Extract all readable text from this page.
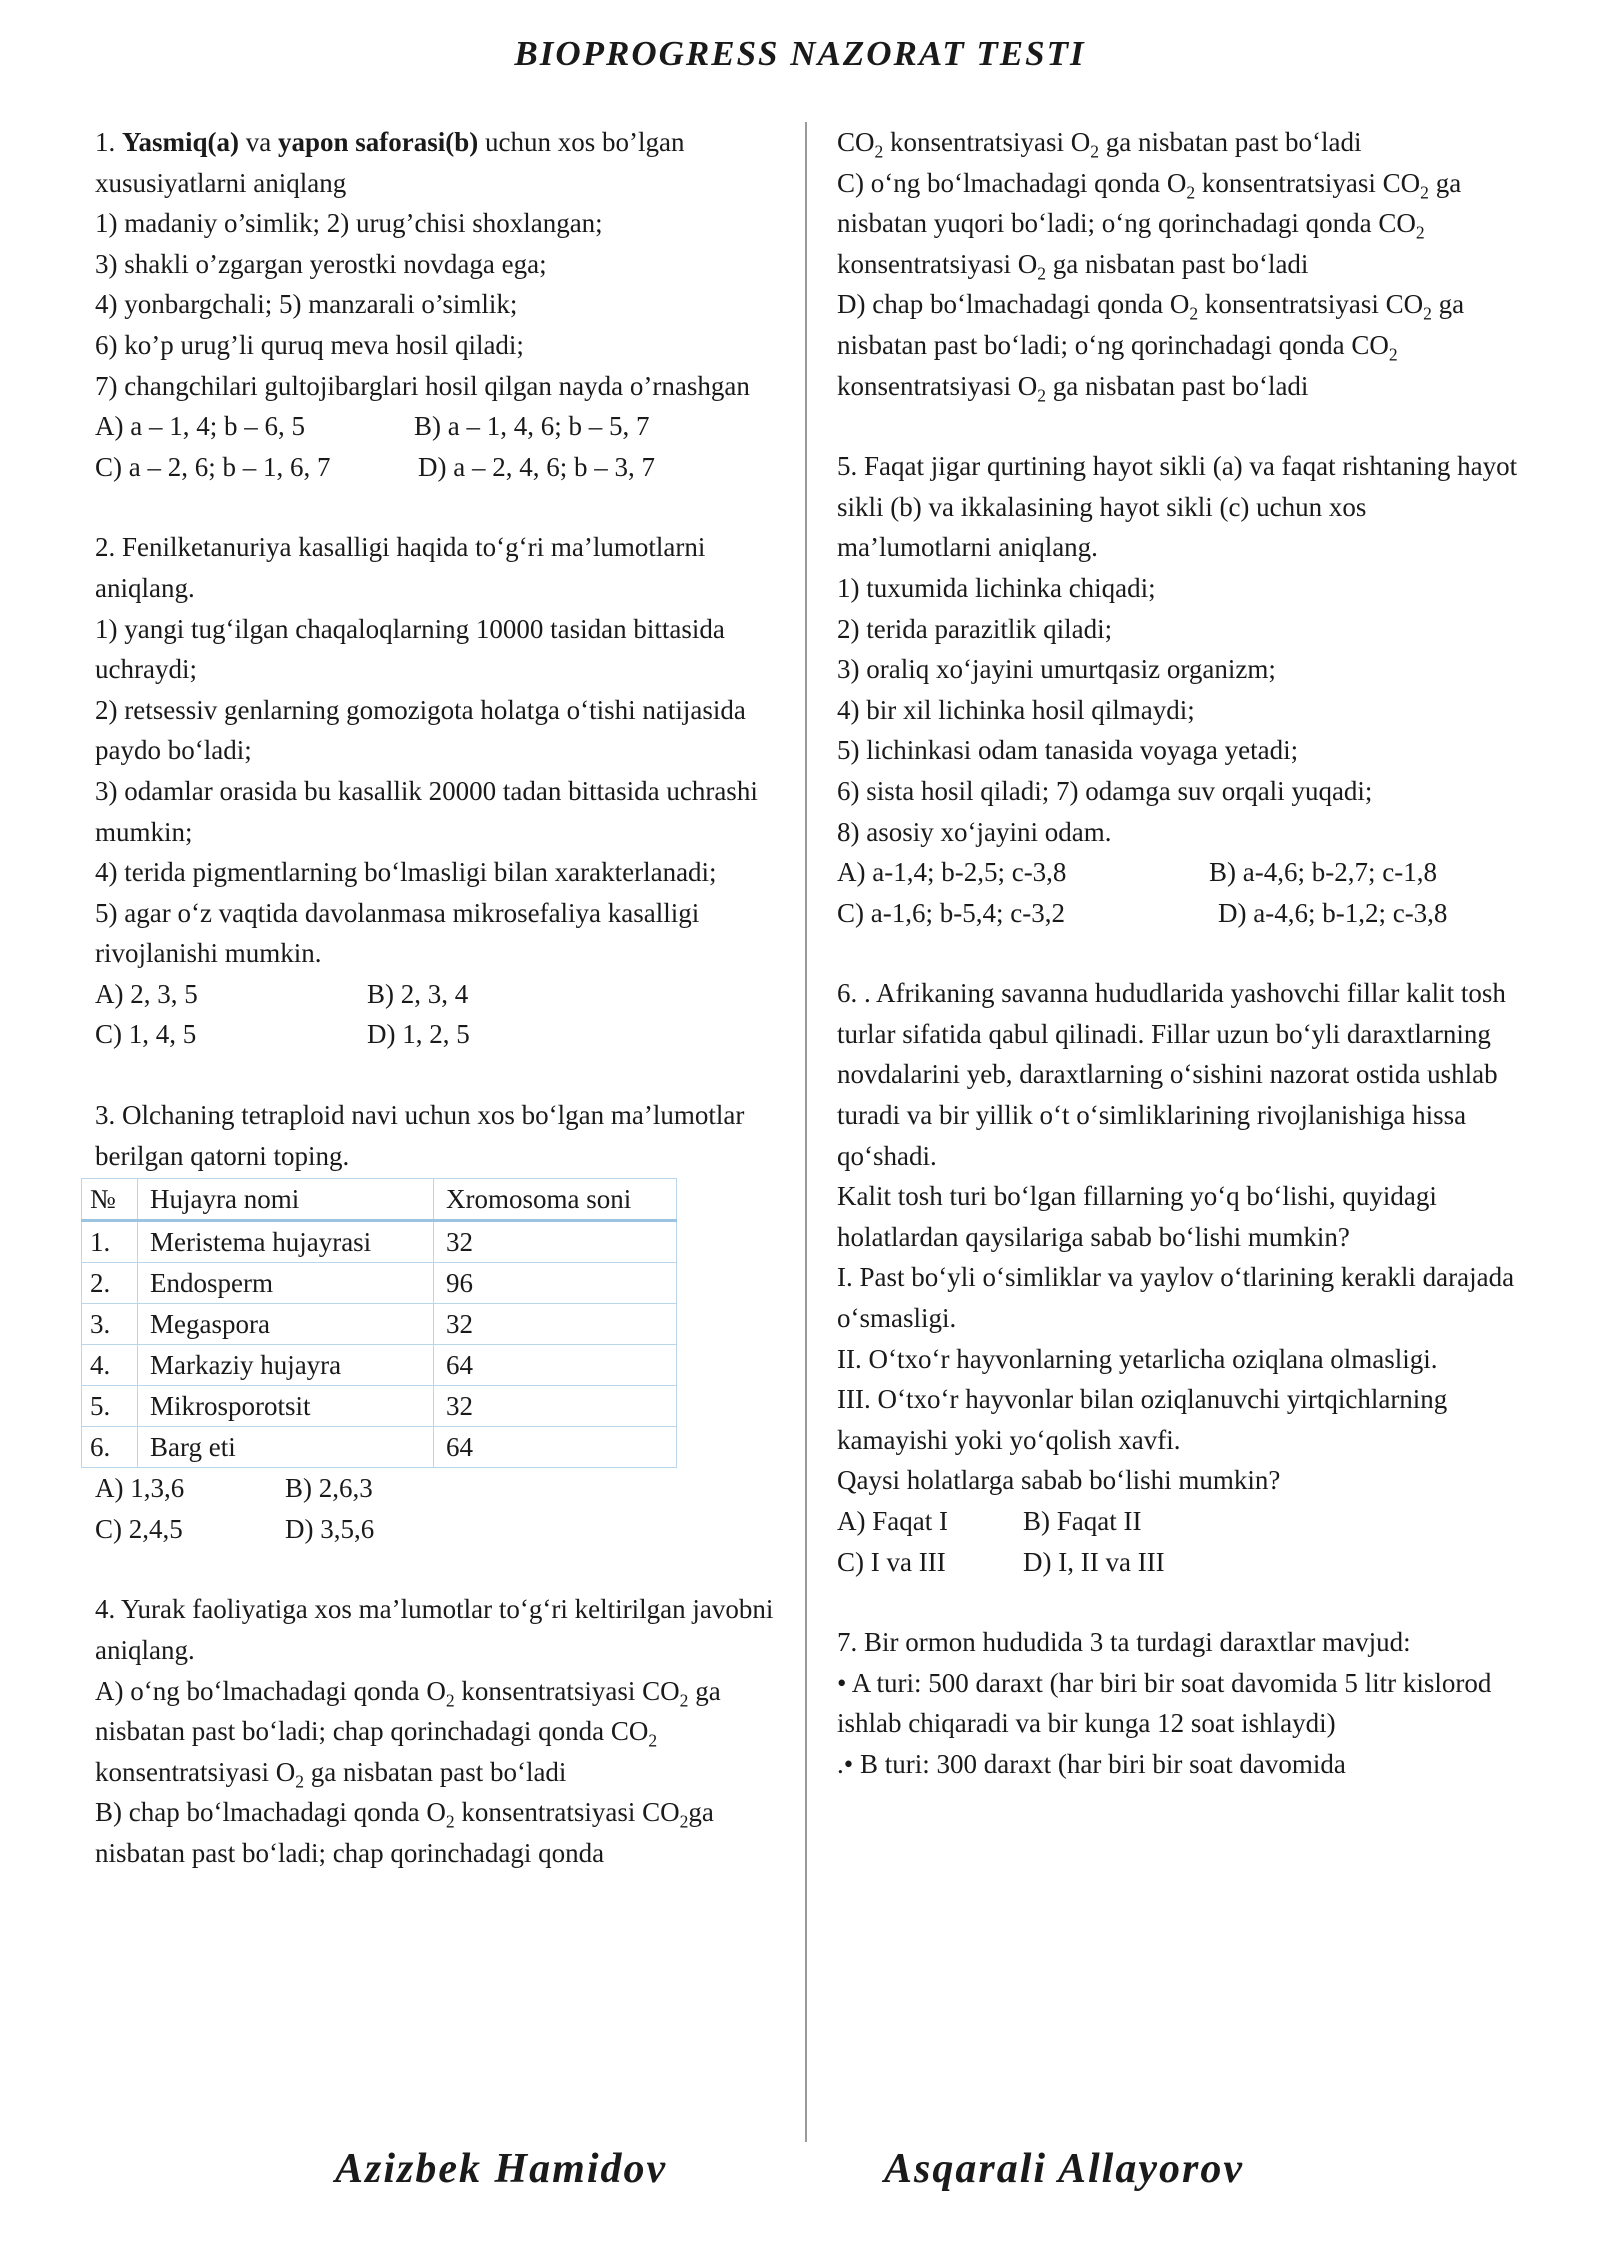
BIOPROGRESS NAZORAT TESTI

1. Yasmiq(a) va yapon saforasi(b) uchun xos bo’lgan xususiyatlarni aniqlang

1) madaniy o’simlik; 2) urug’chisi shoxlangan;

3) shakli o’zgargan yerostki novdaga ega;

4) yonbargchali; 5) manzarali o’simlik;

6) ko’p urug’li quruq meva hosil qiladi;

7) changchilari gultojibarglari hosil qilgan nayda o’rnashgan

A) a – 1, 4; b – 6, 5	B) a – 1, 4, 6; b – 5, 7
C) a – 2, 6; b – 1, 6, 7	D) a – 2, 4, 6; b – 3, 7

2. Fenilketanuriya kasalligi haqida to‘g‘ri ma’lumotlarni aniqlang.

1) yangi tug‘ilgan chaqaloqlarning 10000 tasidan bittasida uchraydi;

2) retsessiv genlarning gomozigota holatga o‘tishi natijasida paydo bo‘ladi;

3) odamlar orasida bu kasallik 20000 tadan bittasida uchrashi mumkin;

4) terida pigmentlarning bo‘lmasligi bilan xarakterlanadi;

5) agar o‘z vaqtida davolanmasa mikrosefaliya kasalligi rivojlanishi mumkin.

A) 2, 3, 5	B) 2, 3, 4
C) 1, 4, 5	D) 1, 2, 5

3. Olchaning tetraploid navi uchun xos bo‘lgan ma’lumotlar berilgan qatorni toping.

№	Hujayra nomi	Xromosoma soni
1.	Meristema hujayrasi	32
2.	Endosperm	96
3.	Megaspora	32
4.	Markaziy hujayra	64
5.	Mikrosporotsit	32
6.	Barg eti	64
A) 1,3,6	B) 2,6,3
C) 2,4,5	D) 3,5,6

4. Yurak faoliyatiga xos ma’lumotlar to‘g‘ri keltirilgan javobni aniqlang.

A) o‘ng bo‘lmachadagi qonda $O_2$ konsentratsiyasi $CO_2$ ga nisbatan past bo‘ladi; chap qorinchadagi qonda $CO_2$ konsentratsiyasi $O_2$ ga nisbatan past bo‘ladi

B) chap bo‘lmachadagi qonda $O_2$ konsentratsiyasi $CO_2ga$ nisbatan past bo‘ladi; chap qorinchadagi qonda

$CO_2$ konsentratsiyasi $O_2$ ga nisbatan past bo‘ladi

C) o‘ng bo‘lmachadagi qonda $O_2$ konsentratsiyasi $CO_2$ ga nisbatan yuqori bo‘ladi; o‘ng qorinchadagi qonda $CO_2$ konsentratsiyasi $O_2$ ga nisbatan past bo‘ladi

D) chap bo‘lmachadagi qonda $O_2$ konsentratsiyasi $CO_2$ ga nisbatan past bo‘ladi; o‘ng qorinchadagi qonda $CO_2$ konsentratsiyasi $O_2$ ga nisbatan past bo‘ladi

5. Faqat jigar qurtining hayot sikli (a) va faqat rishtaning hayot sikli (b) va ikkalasining hayot sikli (c) uchun xos ma’lumotlarni aniqlang.

1) tuxumida lichinka chiqadi;

2) terida parazitlik qiladi;

3) oraliq xo‘jayini umurtqasiz organizm;

4) bir xil lichinka hosil qilmaydi;

5) lichinkasi odam tanasida voyaga yetadi;

6) sista hosil qiladi; 7) odamga suv orqali yuqadi;

8) asosiy xo‘jayini odam.

A) a-1,4; b-2,5; c-3,8	B) a-4,6; b-2,7; c-1,8
C) a-1,6; b-5,4; c-3,2	D) a-4,6; b-1,2; c-3,8

6. . Afrikaning savanna hududlarida yashovchi fillar kalit tosh turlar sifatida qabul qilinadi. Fillar uzun bo‘yli daraxtlarning novdalarini yeb, daraxtlarning o‘sishini nazorat ostida ushlab turadi va bir yillik o‘t o‘simliklarining rivojlanishiga hissa qo‘shadi.

Kalit tosh turi bo‘lgan fillarning yo‘q bo‘lishi, quyidagi holatlardan qaysilariga sabab bo‘lishi mumkin?

I. Past bo‘yli o‘simliklar va yaylov o‘tlarining kerakli darajada o‘smasligi.

II. O‘txo‘r hayvonlarning yetarlicha oziqlana olmasligi.

III. O‘txo‘r hayvonlar bilan oziqlanuvchi yirtqichlarning kamayishi yoki yo‘qolish xavfi.

Qaysi holatlarga sabab bo‘lishi mumkin?

A) Faqat I	B) Faqat II
C) I va III	D) I, II va III

7. Bir ormon hududida 3 ta turdagi daraxtlar mavjud:

• A turi: 500 daraxt (har biri bir soat davomida 5 litr kislorod ishlab chiqaradi va bir kunga 12 soat ishlaydi)

.• B turi: 300 daraxt (har biri bir soat davomida

Azizbek Hamidov	Asqarali Allayorov
